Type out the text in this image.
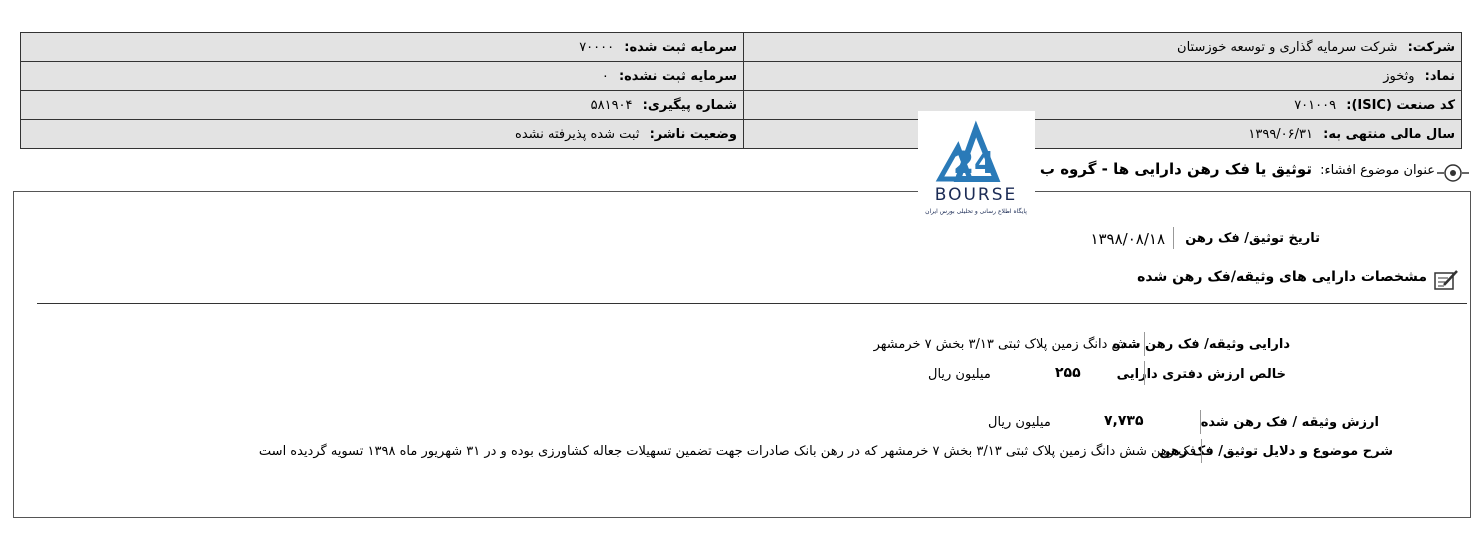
شرکت: شرکت سرمایه گذاری و توسعه خوزستان	سرمایه ثبت شده: ۷۰۰۰۰
نماد: وثخوز	سرمایه ثبت نشده: ۰
کد صنعت (ISIC): ۷۰۱۰۰۹	شماره پیگیری: ۵۸۱۹۰۴
سال مالی منتهی به: ۱۳۹۹/۰۶/۳۱	وضعیت ناشر: ثبت شده پذیرفته نشده
24
BOURSE
پایگاه اطلاع رسانی و تحلیلی بورس ایران
عنوان موضوع افشاء: توثیق یا فک رهن دارایی ها - گروه ب
تاریخ توثیق/ فک رهن
۱۳۹۸/۰۸/۱۸
مشخصات دارایی های وثیقه/فک رهن شده
دارایی وثیقه/ فک رهن شده
شش دانگ زمین پلاک ثبتی ۳/۱۳ بخش ۷ خرمشهر
خالص ارزش دفتری دارایی
۲۵۵
میلیون ریال
ارزش وثیقه / فک رهن شده
۷,۷۳۵
میلیون ریال
شرح موضوع و دلایل توثیق/ فک رهن
فک رهن شش دانگ زمین پلاک ثبتی ۳/۱۳ بخش ۷ خرمشهر که در رهن بانک صادرات جهت تضمین تسهیلات جعاله کشاورزی بوده و در ۳۱ شهریور ماه ۱۳۹۸ تسویه گردیده است
